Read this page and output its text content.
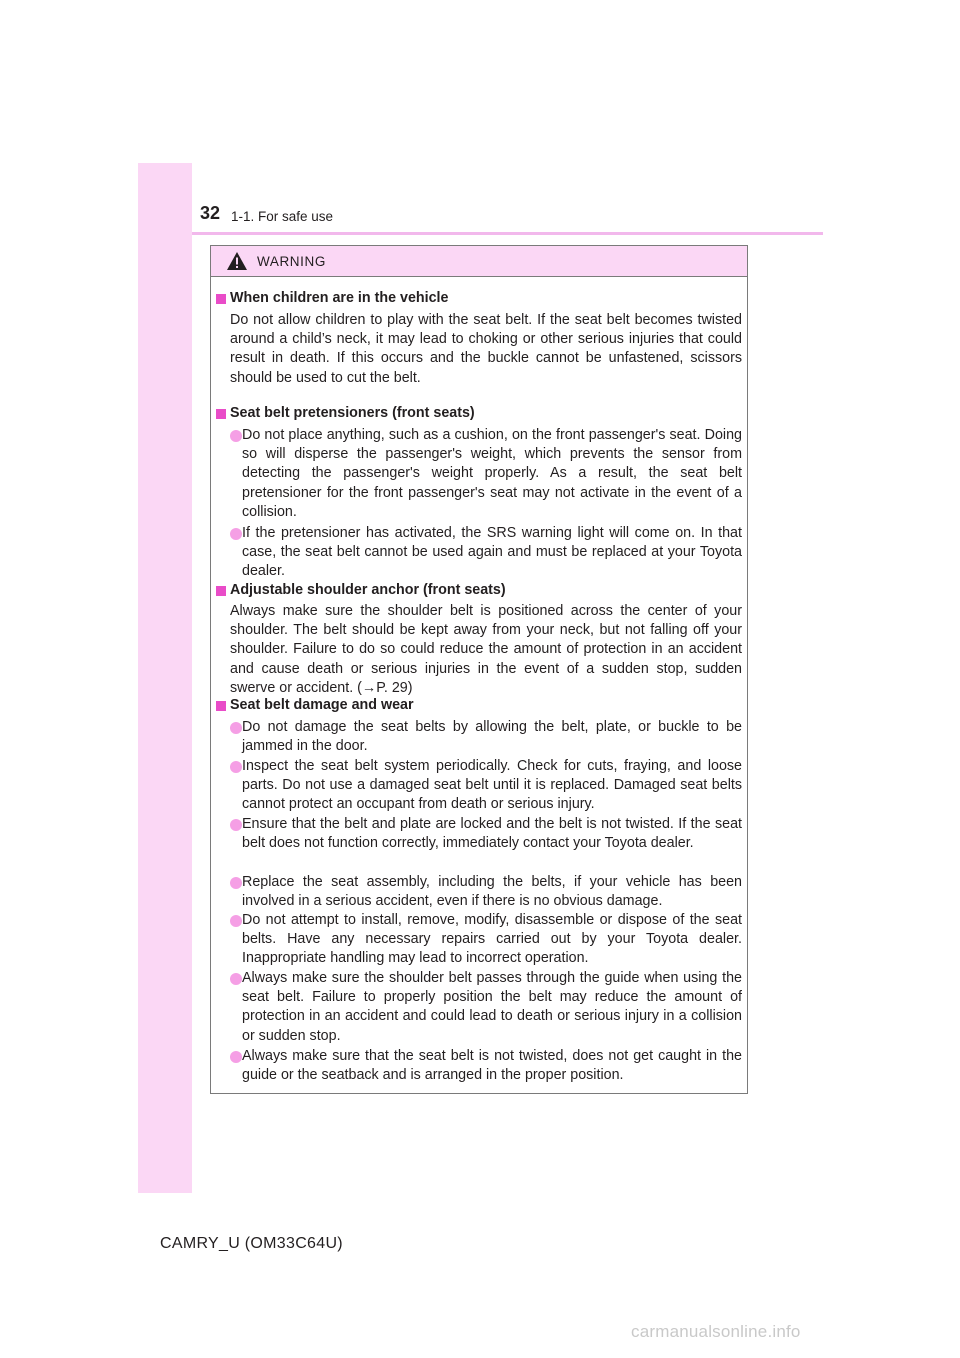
32 1-1. For safe use
WARNING
When children are in the vehicle
Do not allow children to play with the seat belt. If the seat belt becomes twisted around a child’s neck, it may lead to choking or other serious injuries that could result in death. If this occurs and the buckle cannot be unfastened, scissors should be used to cut the belt.
Seat belt pretensioners (front seats)
Do not place anything, such as a cushion, on the front passenger's seat. Doing so will disperse the passenger's weight, which prevents the sensor from detecting the passenger's weight properly. As a result, the seat belt pretensioner for the front passenger's seat may not activate in the event of a collision.
If the pretensioner has activated, the SRS warning light will come on. In that case, the seat belt cannot be used again and must be replaced at your Toyota dealer.
Adjustable shoulder anchor (front seats)
Always make sure the shoulder belt is positioned across the center of your shoulder. The belt should be kept away from your neck, but not falling off your shoulder. Failure to do so could reduce the amount of protection in an accident and cause death or serious injuries in the event of a sudden stop, sudden swerve or accident. (→P. 29)
Seat belt damage and wear
Do not damage the seat belts by allowing the belt, plate, or buckle to be jammed in the door.
Inspect the seat belt system periodically. Check for cuts, fraying, and loose parts. Do not use a damaged seat belt until it is replaced. Damaged seat belts cannot protect an occupant from death or serious injury.
Ensure that the belt and plate are locked and the belt is not twisted. If the seat belt does not function correctly, immediately contact your Toyota dealer.
Replace the seat assembly, including the belts, if your vehicle has been involved in a serious accident, even if there is no obvious damage.
Do not attempt to install, remove, modify, disassemble or dispose of the seat belts. Have any necessary repairs carried out by your Toyota dealer. Inappropriate handling may lead to incorrect operation.
Always make sure the shoulder belt passes through the guide when using the seat belt. Failure to properly position the belt may reduce the amount of protection in an accident and could lead to death or serious injury in a collision or sudden stop.
Always make sure that the seat belt is not twisted, does not get caught in the guide or the seatback and is arranged in the proper position.
CAMRY_U (OM33C64U)
carmanualsonline.info
